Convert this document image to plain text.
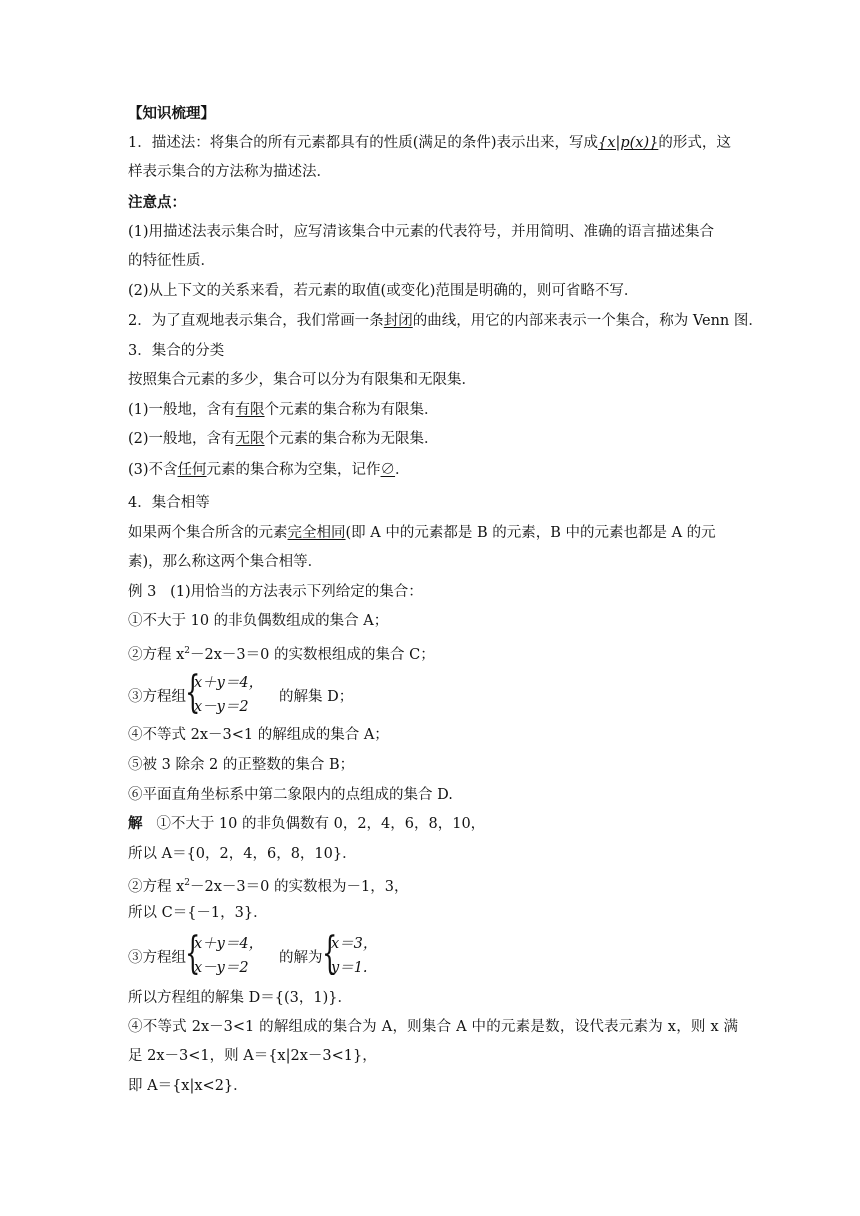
【知识梳理】
1．描述法：将集合的所有元素都具有的性质(满足的条件)表示出来，写成{x|p(x)}的形式，这
样表示集合的方法称为描述法．
注意点：
(1)用描述法表示集合时，应写清该集合中元素的代表符号，并用简明、准确的语言描述集合
的特征性质．
(2)从上下文的关系来看，若元素的取值(或变化)范围是明确的，则可省略不写．
2．为了直观地表示集合，我们常画一条封闭的曲线，用它的内部来表示一个集合，称为 Venn 图．
3．集合的分类
按照集合元素的多少，集合可以分为有限集和无限集．
(1)一般地，含有有限个元素的集合称为有限集．
(2)一般地，含有无限个元素的集合称为无限集．
(3)不含任何元素的集合称为空集，记作∅．
4．集合相等
如果两个集合所含的元素完全相同(即 A 中的元素都是 B 的元素，B 中的元素也都是 A 的元
素)，那么称这两个集合相等．
例 3 (1)用恰当的方法表示下列给定的集合：
①不大于 10 的非负偶数组成的集合 A；
②方程 $x^2-2x-3=0$ 的实数根组成的集合 C；
③方程组 {
x＋y＝4，
x－y＝2
的解集 D；
④不等式 2x－3<1 的解组成的集合 A；
⑤被 3 除余 2 的正整数的集合 B；
⑥平面直角坐标系中第二象限内的点组成的集合 D.
解 ①不大于 10 的非负偶数有 0，2，4，6，8，10，
所以 A＝{0，2，4，6，8，10}．
②方程 $x^2-2x-3=0$ 的实数根为－1，3，
所以 C＝{－1，3}．
③方程组 {
x＋y＝4，
x－y＝2
的解为 {
x＝3，
y＝1.
所以方程组的解集 D＝{(3，1)}．
④不等式 2x－3<1 的解组成的集合为 A，则集合 A 中的元素是数，设代表元素为 x，则 x 满
足 2x－3<1，则 A＝{x|2x－3<1}，
即 A＝{x|x<2}．
